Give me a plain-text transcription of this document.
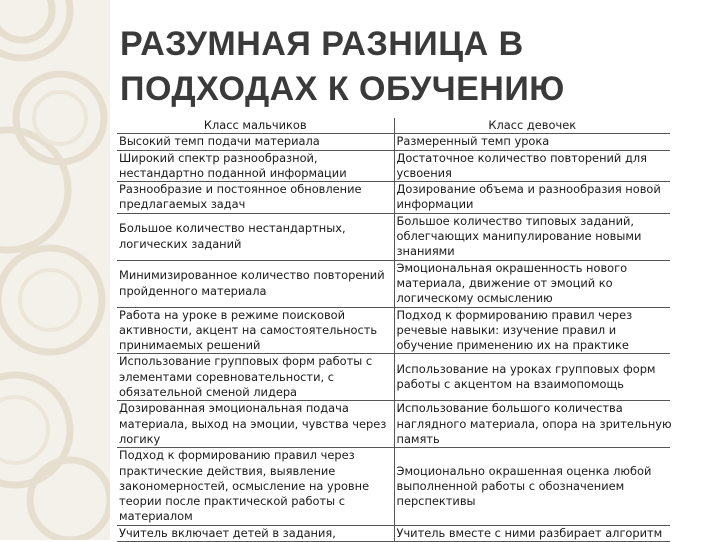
РАЗУМНАЯ РАЗНИЦА В
ПОДХОДАХ К ОБУЧЕНИЮ
Класс мальчиков	Класс девочек

Высокий темп подачи материала	Размеренный темп урока

Широкий спектр разнообразной,
нестандартно поданной информации	Достаточное количество повторений для
усвоения

Разнообразие и постоянное обновление
предлагаемых задач	Дозирование объема и разнообразия новой
информации

Большое количество нестандартных,
логических заданий	Большое количество типовых заданий,
облегчающих манипулирование новыми
знаниями

Минимизированное количество повторений
пройденного материала	Эмоциональная окрашенность нового
материала, движение от эмоций ко
логическому осмыслению

Работа на уроке в режиме поисковой
активности, акцент на самостоятельность
принимаемых решений	Подход к формированию правил через
речевые навыки: изучение правил и
обучение применению их на практике

Использование групповых форм работы с
элементами соревновательности, с
обязательной сменой лидера	Использование на уроках групповых форм
работы с акцентом на взаимопомощь

Дозированная эмоциональная подача
материала, выход на эмоции, чувства через
логику	Использование большого количества
наглядного материала, опора на зрительную
память

Подход к формированию правил через
практические действия, выявление
закономерностей, осмысление на уровне
теории после практической работы с
материалом	Эмоционально окрашенная оценка любой
выполненной работы с обозначением
перспективы

Учитель включает детей в задания,	Учитель вместе с ними разбирает алгоритм
